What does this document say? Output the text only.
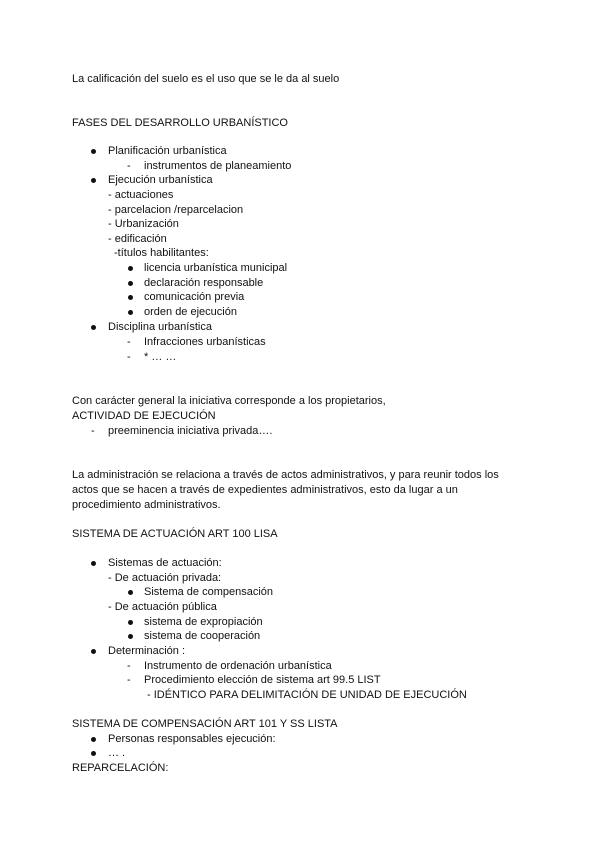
La calificación del suelo es el uso que se le da al suelo
FASES DEL DESARROLLO URBANÍSTICO
Planificación urbanística
- instrumentos de planeamiento
Ejecución urbanística
- actuaciones
- parcelacion /reparcelacion
- Urbanización
- edificación
-títulos habilitantes:
licencia urbanística municipal
declaración responsable
comunicación previa
orden de ejecución
Disciplina urbanística
- Infracciones urbanísticas
- * … …
Con carácter general la iniciativa corresponde a los propietarios,
ACTIVIDAD DE EJECUCIÓN
- preeminencia iniciativa privada….
La administración se relaciona a través de actos administrativos, y para reunir todos los
actos que se hacen a través de expedientes administrativos, esto da lugar a un
procedimiento administrativos.
SISTEMA DE ACTUACIÓN ART 100 LISA
Sistemas de actuación:
- De actuación privada:
Sistema de compensación
- De actuación pública
sistema de expropiación
sistema de cooperación
Determinación :
- Instrumento de ordenación urbanística
- Procedimiento elección de sistema art 99.5 LIST
- IDÉNTICO PARA DELIMITACIÓN DE UNIDAD DE EJECUCIÓN
SISTEMA DE COMPENSACIÓN ART 101 Y SS LISTA
Personas responsables ejecución:
… .
REPARCELACIÓN:
